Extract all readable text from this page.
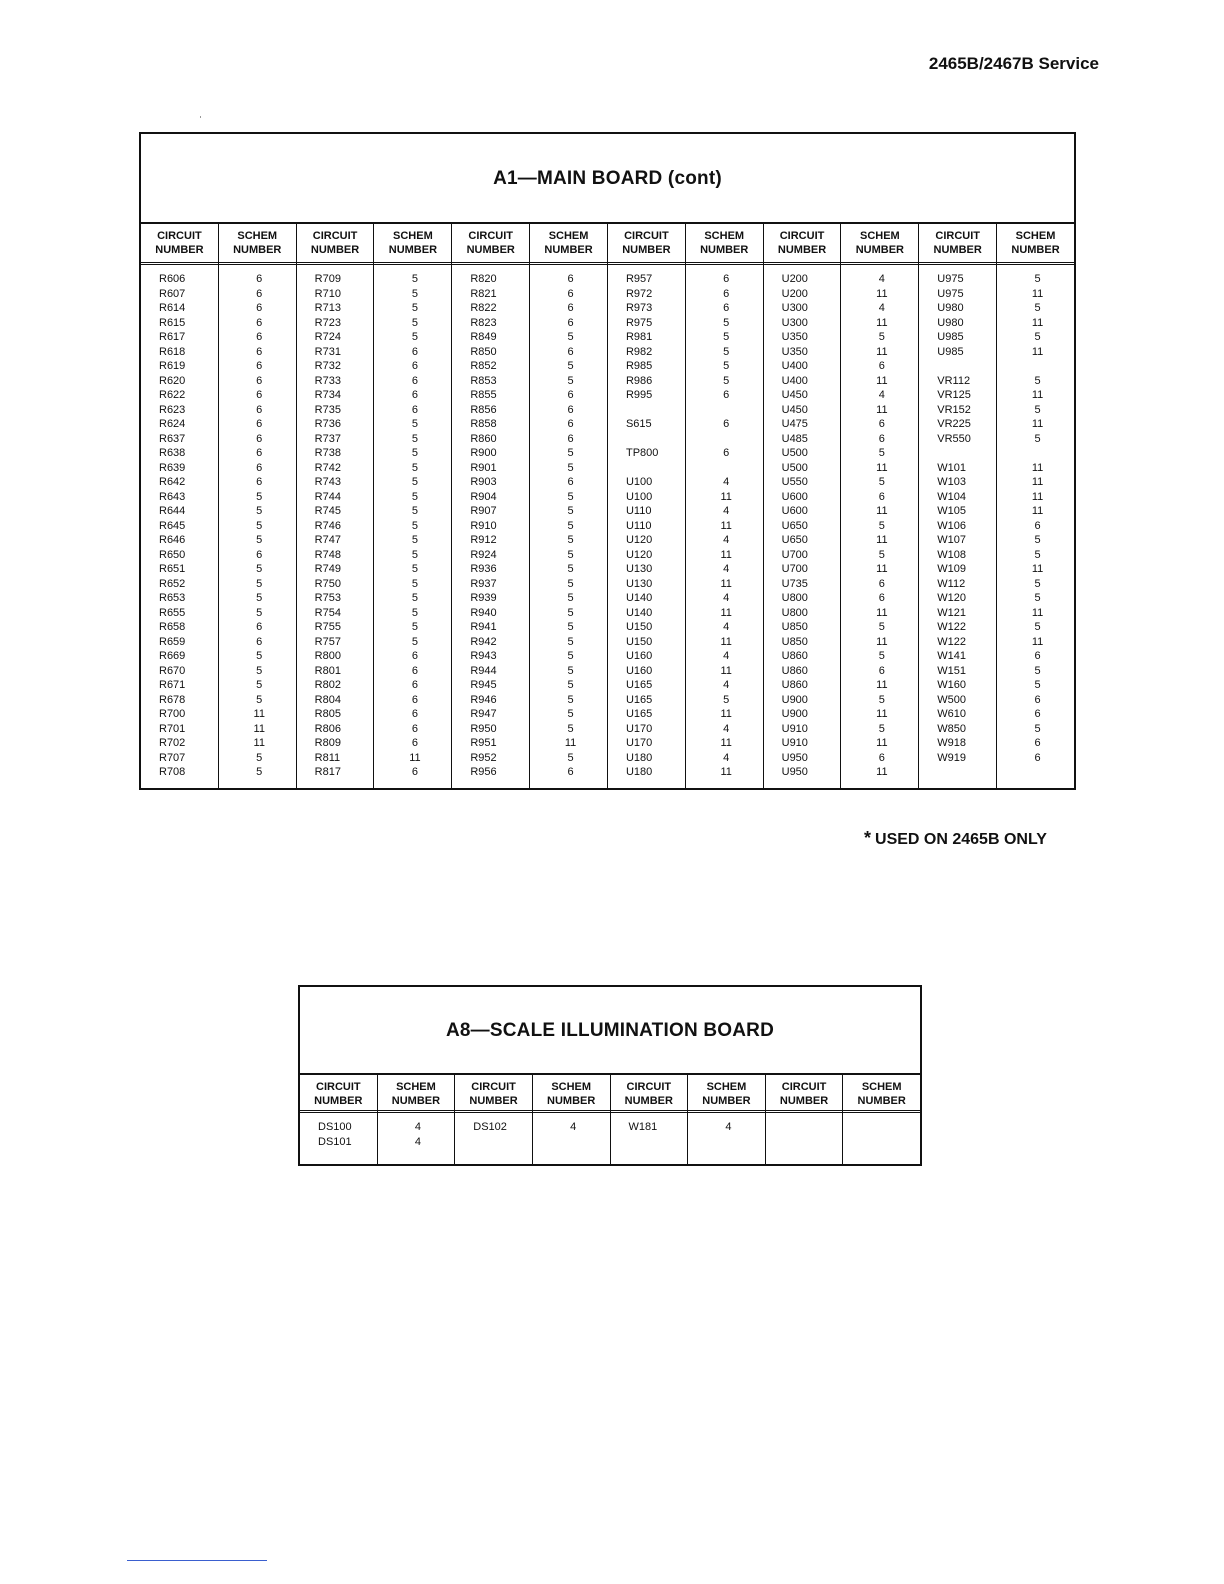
2465B/2467B Service
A1—MAIN BOARD (cont)
CIRCUIT
NUMBER
R606
R607
R614
R615
R617
R618
R619
R620
R622
R623
R624
R637
R638
R639
R642
R643
R644
R645
R646
R650
R651
R652
R653
R655
R658
R659
R669
R670
R671
R678
R700
R701
R702
R707
R708
SCHEM
NUMBER
6
6
6
6
6
6
6
6
6
6
6
6
6
6
6
5
5
5
5
6
5
5
5
5
6
6
5
5
5
5
11
11
11
5
5
CIRCUIT
NUMBER
R709
R710
R713
R723
R724
R731
R732
R733
R734
R735
R736
R737
R738
R742
R743
R744
R745
R746
R747
R748
R749
R750
R753
R754
R755
R757
R800
R801
R802
R804
R805
R806
R809
R811
R817
SCHEM
NUMBER
5
5
5
5
5
6
6
6
6
6
5
5
5
5
5
5
5
5
5
5
5
5
5
5
5
5
6
6
6
6
6
6
6
11
6
CIRCUIT
NUMBER
R820
R821
R822
R823
R849
R850
R852
R853
R855
R856
R858
R860
R900
R901
R903
R904
R907
R910
R912
R924
R936
R937
R939
R940
R941
R942
R943
R944
R945
R946
R947
R950
R951
R952
R956
SCHEM
NUMBER
6
6
6
6
5
6
5
5
6
6
6
6
5
5
6
5
5
5
5
5
5
5
5
5
5
5
5
5
5
5
5
5
11
5
6
CIRCUIT
NUMBER
R957
R972
R973
R975
R981
R982
R985
R986
R995
S615
TP800
U100
U100
U110
U110
U120
U120
U130
U130
U140
U140
U150
U150
U160
U160
U165
U165
U165
U170
U170
U180
U180
SCHEM
NUMBER
6
6
6
5
5
5
5
5
6
6
6
4
11
4
11
4
11
4
11
4
11
4
11
4
11
4
5
11
4
11
4
11
CIRCUIT
NUMBER
U200
U200
U300
U300
U350
U350
U400
U400
U450
U450
U475
U485
U500
U500
U550
U600
U600
U650
U650
U700
U700
U735
U800
U800
U850
U850
U860
U860
U860
U900
U900
U910
U910
U950
U950
SCHEM
NUMBER
4
11
4
11
5
11
6
11
4
11
6
6
5
11
5
6
11
5
11
5
11
6
6
11
5
11
5
6
11
5
11
5
11
6
11
CIRCUIT
NUMBER
U975
U975
U980
U980
U985
U985
VR112
VR125
VR152
VR225
VR550
W101
W103
W104
W105
W106
W107
W108
W109
W112
W120
W121
W122
W122
W141
W151
W160
W500
W610
W850
W918
W919
SCHEM
NUMBER
5
11
5
11
5
11
5
11
5
11
5
11
11
11
11
6
5
5
11
5
5
11
5
11
6
5
5
6
6
5
6
6
* USED ON 2465B ONLY
A8—SCALE ILLUMINATION BOARD
CIRCUIT
NUMBER
DS100
DS101
SCHEM
NUMBER
4
4
CIRCUIT
NUMBER
DS102
SCHEM
NUMBER
4
CIRCUIT
NUMBER
W181
SCHEM
NUMBER
4
CIRCUIT
NUMBER
SCHEM
NUMBER
